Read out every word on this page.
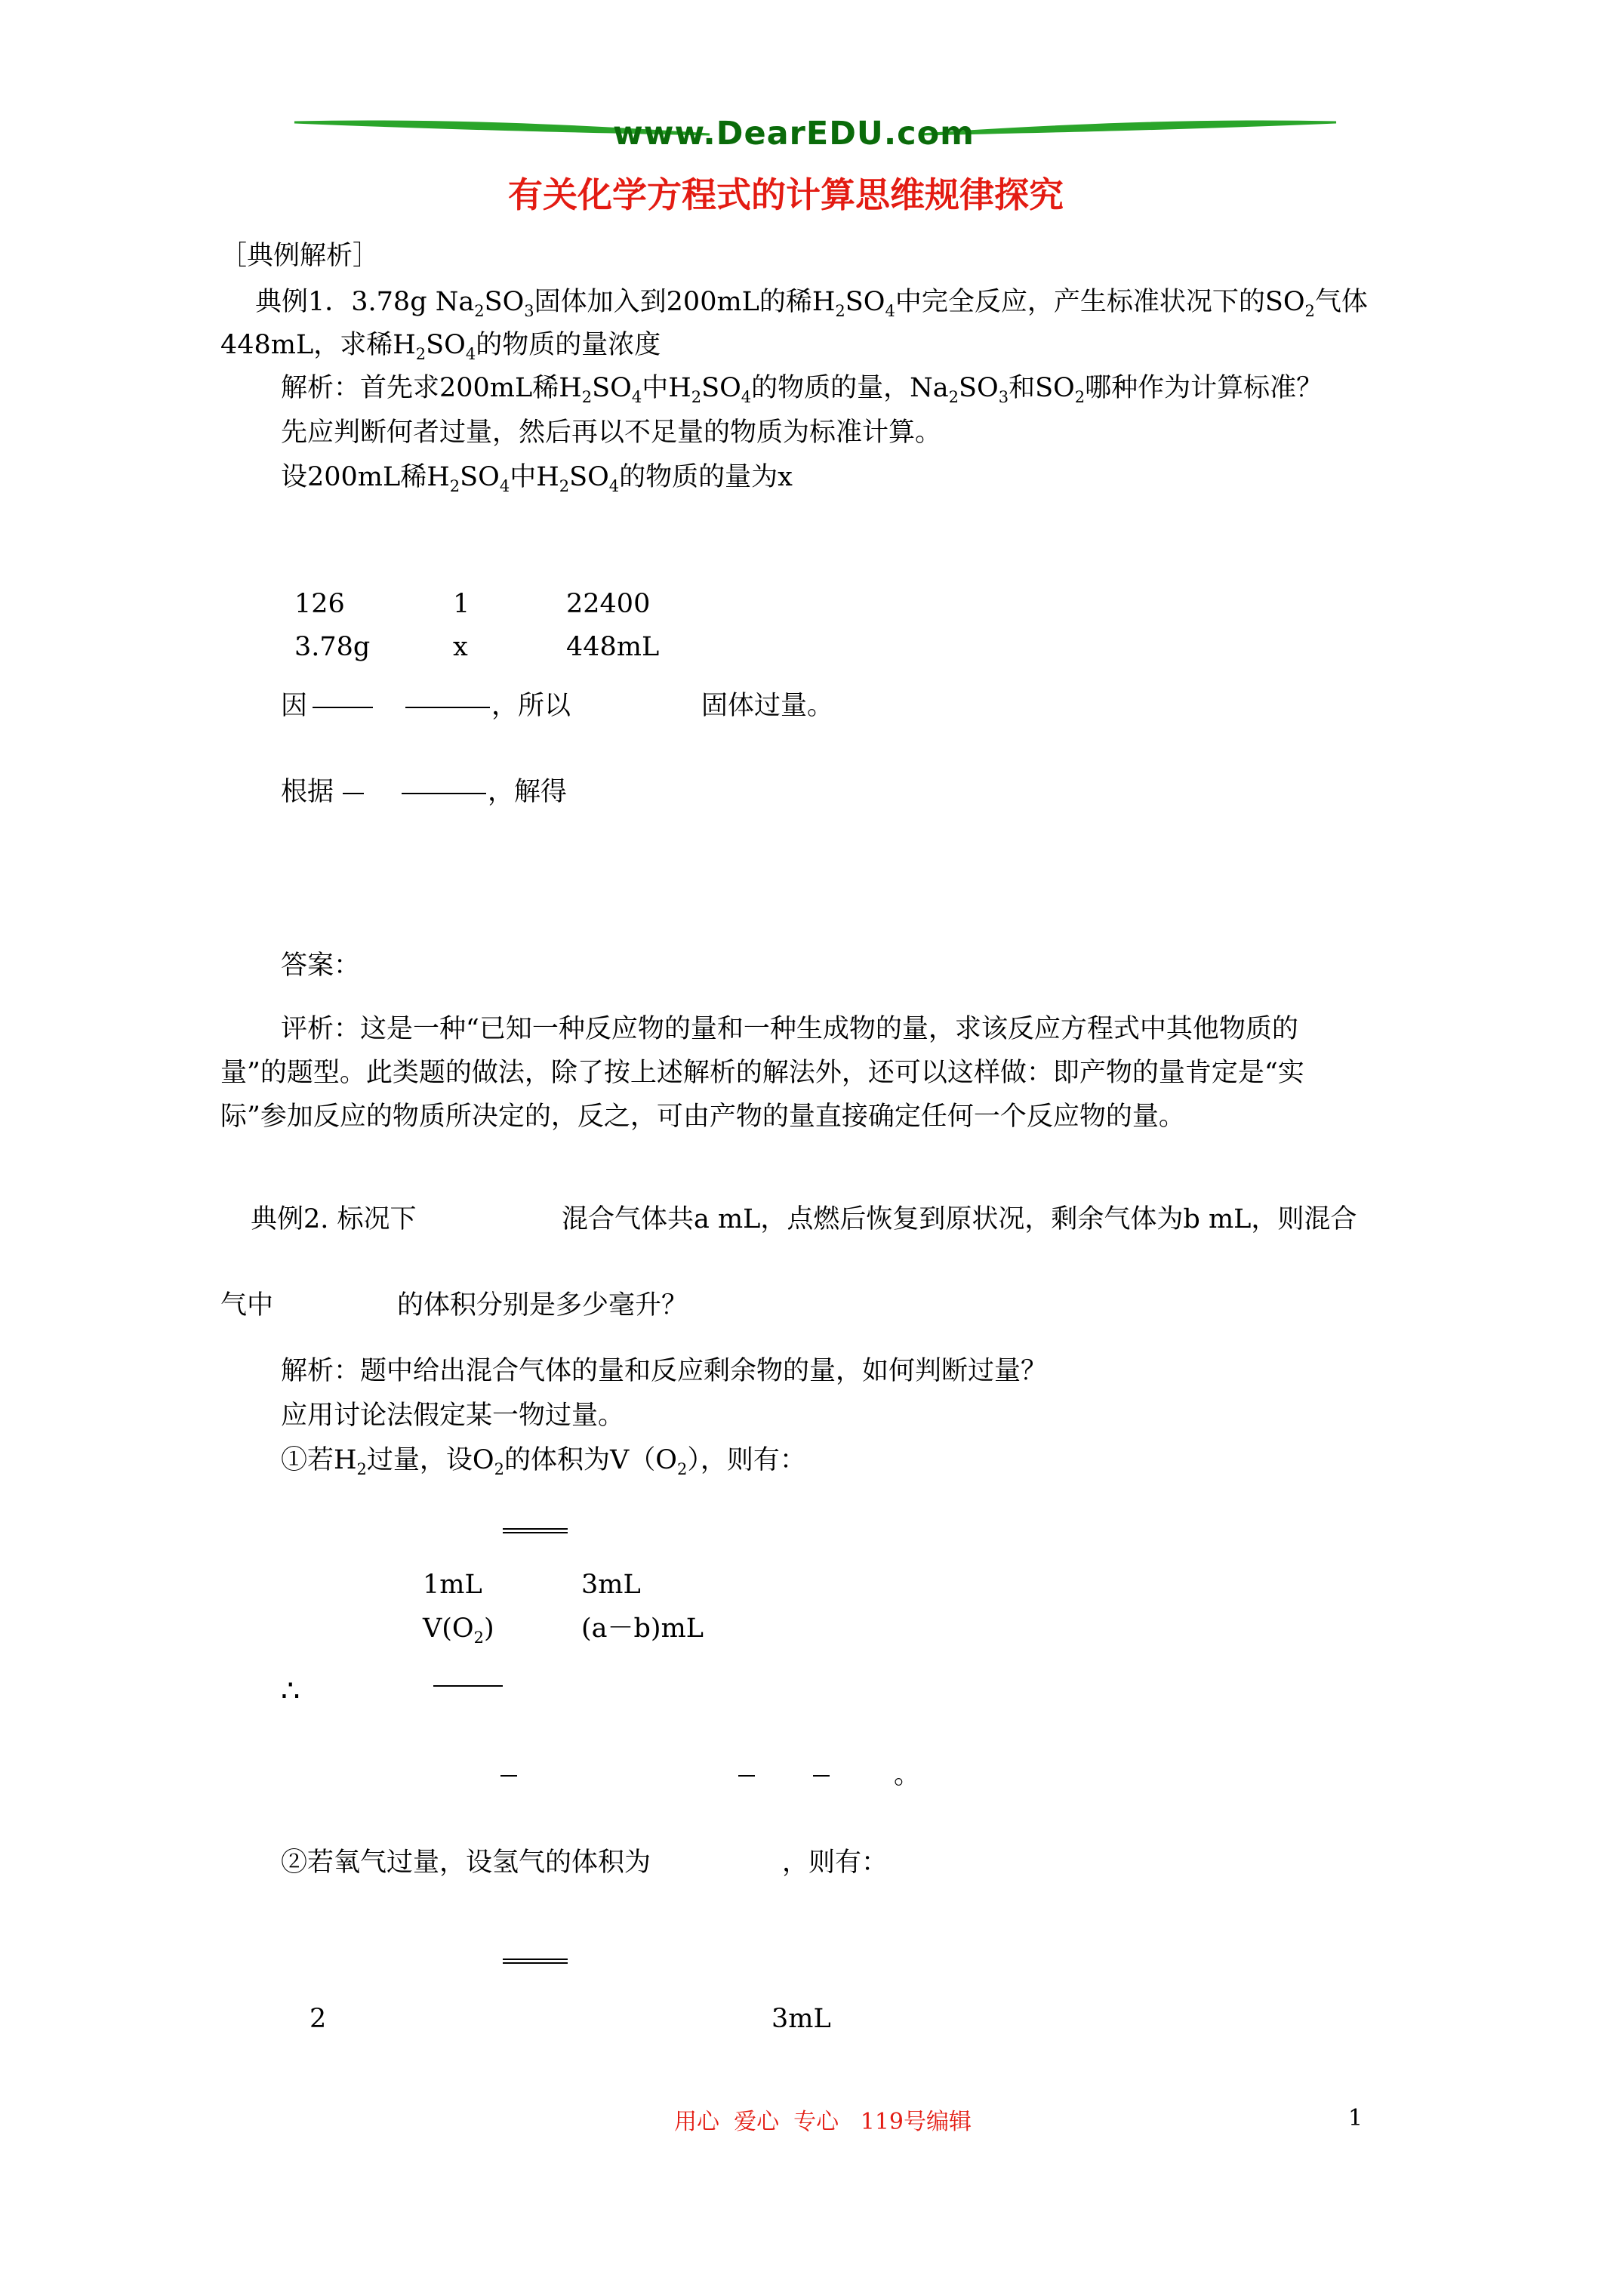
www.DearEDU.com
有关化学方程式的计算思维规律探究
［典例解析］
典例1．3.78g $Na_2SO_3$固体加入到200mL的稀$H_2SO_4$中完全反应，产生标准状况下的$SO_2$气体
448mL，求稀$H_2SO_4$的物质的量浓度
解析：首先求200mL稀$H_2SO_4$中$H_2SO_4$的物质的量，$Na_2SO_3$和$SO_2$哪种作为计算标准？
先应判断何者过量，然后再以不足量的物质为标准计算。
设200mL稀$H_2SO_4$中$H_2SO_4$的物质的量为x
126	1	22400
3.78g	x	448mL
因	，所以	固体过量。
根据	，解得
答案：
评析：这是一种“已知一种反应物的量和一种生成物的量，求该反应方程式中其他物质的
量”的题型。此类题的做法，除了按上述解析的解法外，还可以这样做：即产物的量肯定是“实
际”参加反应的物质所决定的，反之，可由产物的量直接确定任何一个反应物的量。
典例2. 标况下	混合气体共a mL，点燃后恢复到原状况，剩余气体为b mL，则混合
气中	的体积分别是多少毫升？
解析：题中给出混合气体的量和反应剩余物的量，如何判断过量？
应用讨论法假定某一物过量。
①若$H_2$过量，设$O_2$的体积为$V(O_2)$，则有：
1mL	3mL
$V(O_2)$	(a－b)mL
∴
。
②若氧气过量，设氢气的体积为	，则有：
2	3mL
用心  爱心  专心   119号编辑	1
